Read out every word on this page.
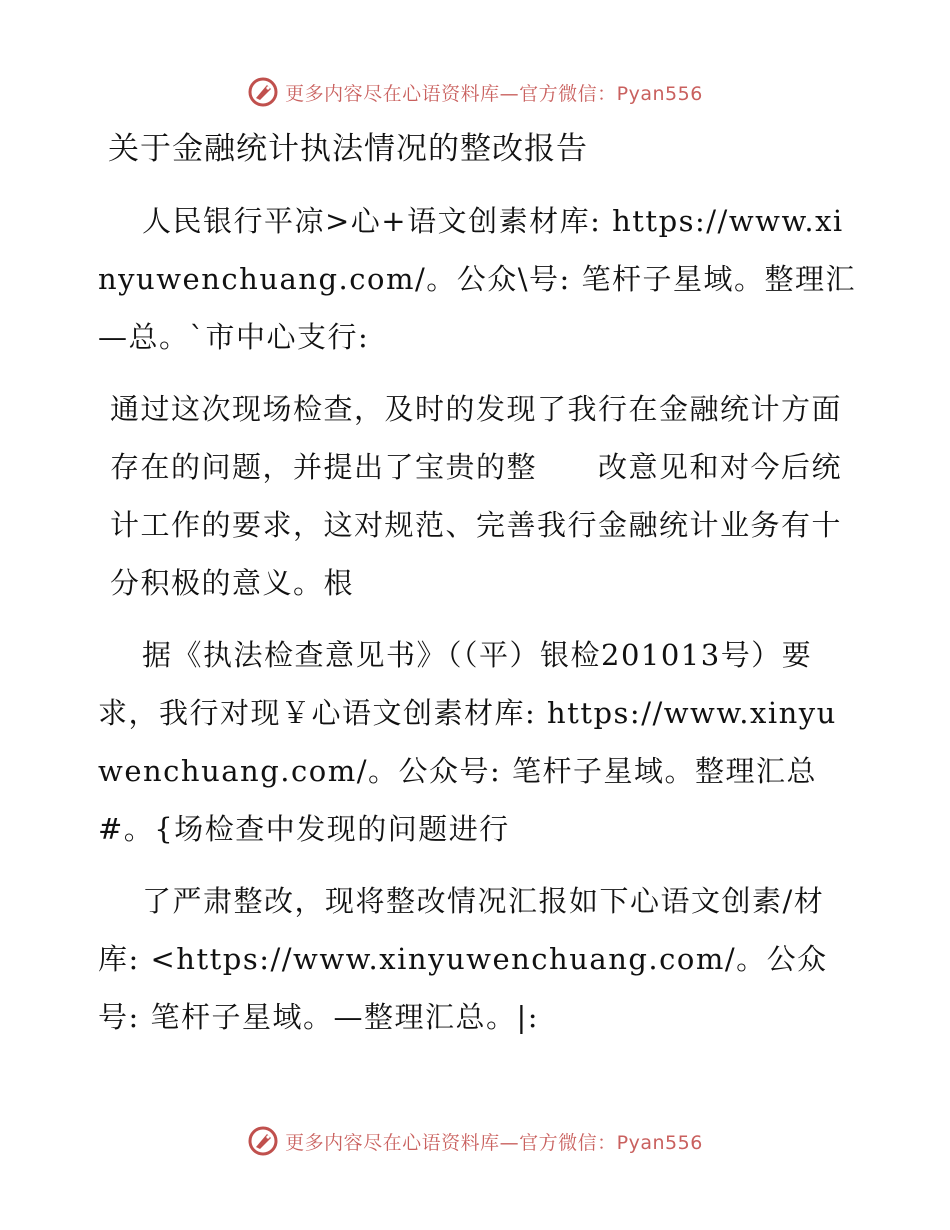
更多内容尽在心语资料库—官方微信：Pyan556
关于金融统计执法情况的整改报告

人民银行平凉>心+语文创素材库: https://www.xinyuwenchuang.com/。公众\号: 笔杆子星域。整理汇—总。`市中心支行:

通过这次现场检查，及时的发现了我行在金融统计方面存在的问题，并提出了宝贵的整　　改意见和对今后统计工作的要求，这对规范、完善我行金融统计业务有十分积极的意义。根

据《执法检查意见书》（（平）银检201013号）要求，我行对现￥心语文创素材库: https://www.xinyuwenchuang.com/。公众号: 笔杆子星域。整理汇总#。{场检查中发现的问题进行

了严肃整改，现将整改情况汇报如下心语文创素/材库: <https://www.xinyuwenchuang.com/。公众号: 笔杆子星域。—整理汇总。|:

更多内容尽在心语资料库—官方微信：Pyan556
